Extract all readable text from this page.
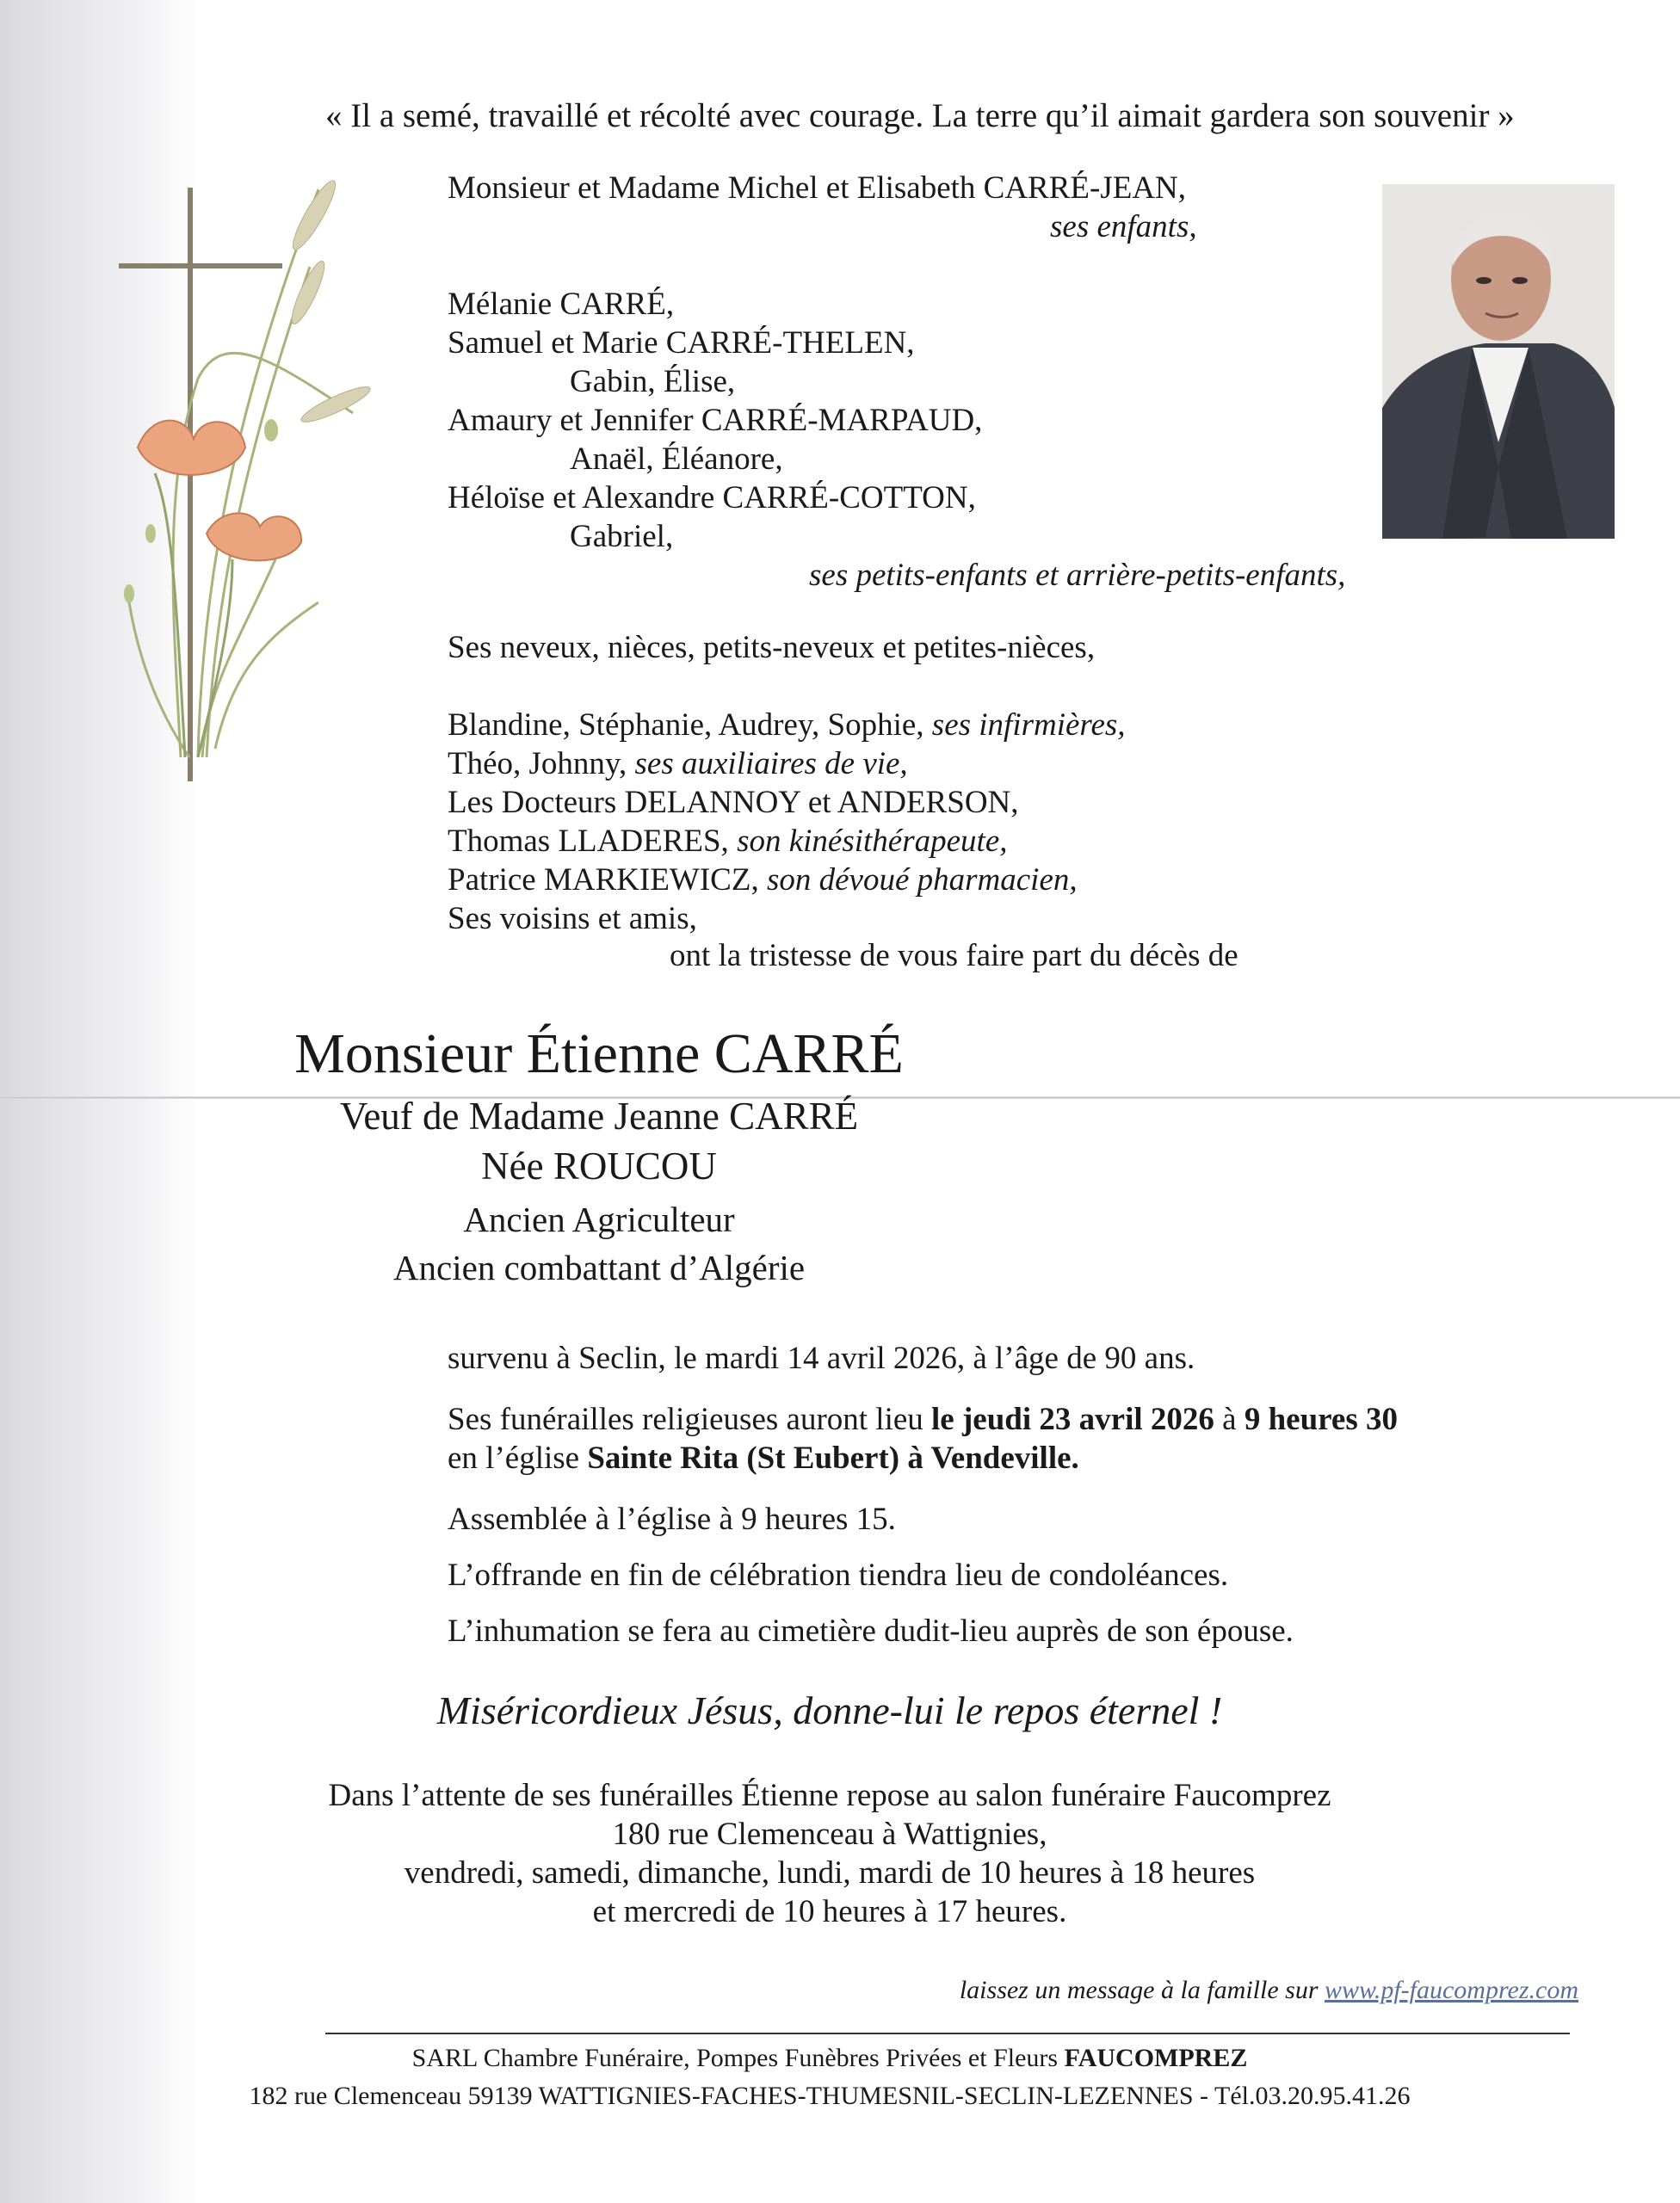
« Il a semé, travaillé et récolté avec courage. La terre qu’il aimait gardera son souvenir »
Monsieur et Madame Michel et Elisabeth CARRÉ-JEAN,
ses enfants,
Mélanie CARRÉ,
Samuel et Marie CARRÉ-THELEN,
Gabin, Élise,
Amaury et Jennifer CARRÉ-MARPAUD,
Anaël, Éléanore,
Héloïse et Alexandre CARRÉ-COTTON,
Gabriel,
ses petits-enfants et arrière-petits-enfants,
Ses neveux, nièces, petits-neveux et petites-nièces,
Blandine, Stéphanie, Audrey, Sophie, ses infirmières,
Théo, Johnny, ses auxiliaires de vie,
Les Docteurs DELANNOY et ANDERSON,
Thomas LLADERES, son kinésithérapeute,
Patrice MARKIEWICZ, son dévoué pharmacien,
Ses voisins et amis,
ont la tristesse de vous faire part du décès de
Monsieur Étienne CARRÉ
Veuf de Madame Jeanne CARRÉ
Née ROUCOU
Ancien Agriculteur
Ancien combattant d’Algérie

survenu à Seclin, le mardi 14 avril 2026, à l’âge de 90 ans.

Ses funérailles religieuses auront lieu le jeudi 23 avril 2026 à 9 heures 30

en l’église Sainte Rita (St Eubert) à Vendeville.

Assemblée à l’église à 9 heures 15.

L’offrande en fin de célébration tiendra lieu de condoléances.

L’inhumation se fera au cimetière dudit-lieu auprès de son épouse.

Miséricordieux Jésus, donne-lui le repos éternel !
Dans l’attente de ses funérailles Étienne repose au salon funéraire Faucomprez
180 rue Clemenceau à Wattignies,
vendredi, samedi, dimanche, lundi, mardi de 10 heures à 18 heures
et mercredi de 10 heures à 17 heures.
laissez un message à la famille sur www.pf-faucomprez.com
SARL Chambre Funéraire, Pompes Funèbres Privées et Fleurs FAUCOMPREZ
182 rue Clemenceau 59139 WATTIGNIES-FACHES-THUMESNIL-SECLIN-LEZENNES - Tél.03.20.95.41.26
